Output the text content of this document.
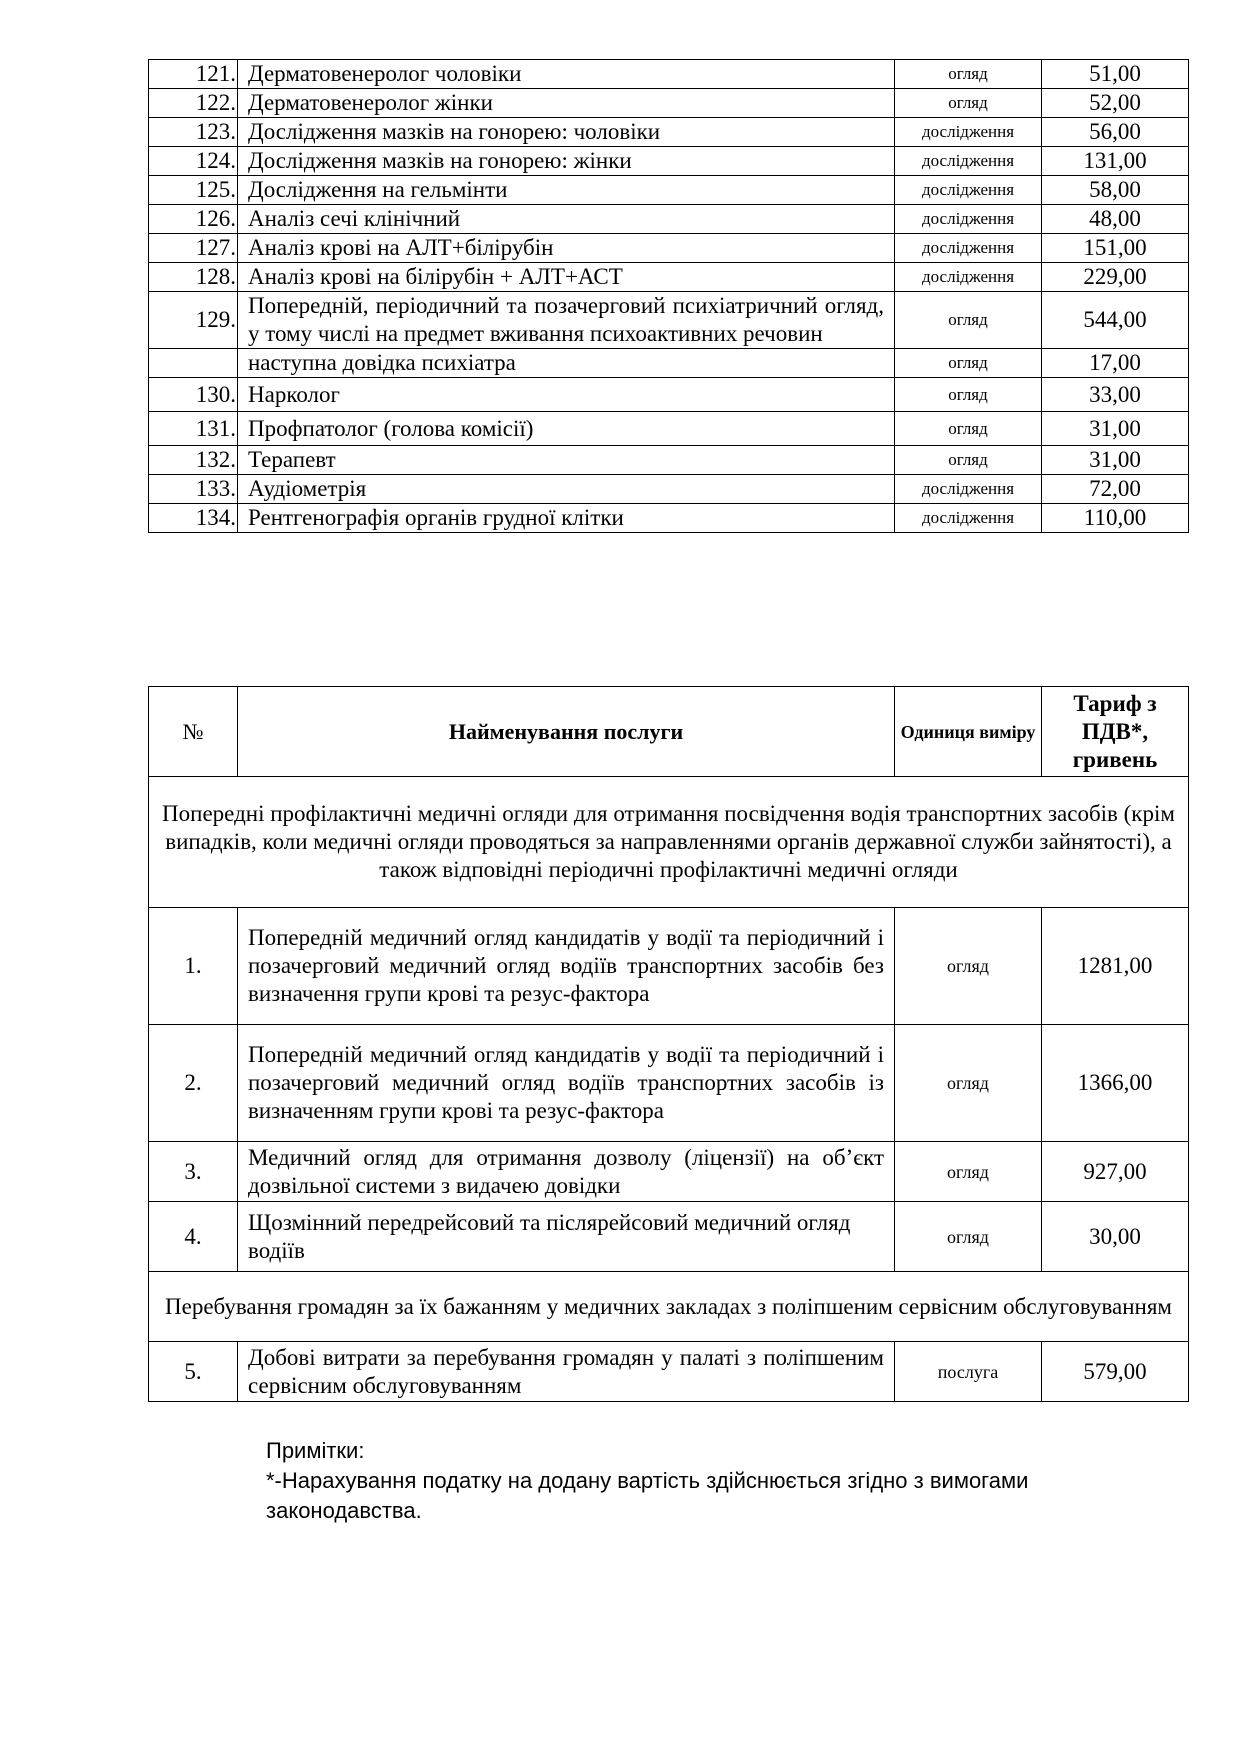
121.	Дерматовенеролог чоловіки	огляд	51,00
122.	Дерматовенеролог жінки	огляд	52,00
123.	Дослідження мазків на гонорею: чоловіки	дослідження	56,00
124.	Дослідження мазків на гонорею: жінки	дослідження	131,00
125.	Дослідження на гельмінти	дослідження	58,00
126.	Аналіз сечі клінічний	дослідження	48,00
127.	Аналіз крові на АЛТ+білірубін	дослідження	151,00
128.	Аналіз крові на білірубін + АЛТ+АСТ	дослідження	229,00
129.	Попередній, періодичний та позачерговий психіатричний огляд, у тому числі на предмет вживання психоактивних речовин	огляд	544,00
	наступна довідка психіатра	огляд	17,00
130.	Нарколог	огляд	33,00
131.	Профпатолог (голова комісії)	огляд	31,00
132.	Терапевт	огляд	31,00
133.	Аудіометрія	дослідження	72,00
134.	Рентгенографія органів грудної клітки	дослідження	110,00
№	Найменування послуги	Одиниця виміру	Тариф з ПДВ*, гривень
Попередні профілактичні медичні огляди для отримання посвідчення водія транспортних засобів (крім випадків, коли медичні огляди проводяться за направленнями органів державної служби зайнятості), а також відповідні періодичні профілактичні медичні огляди			
1.	Попередній медичний огляд кандидатів у водії та періодичний і позачерговий медичний огляд водіїв транспортних засобів без визначення групи крові та резус-фактора	огляд	1281,00
2.	Попередній медичний огляд кандидатів у водії та періодичний і позачерговий медичний огляд водіїв транспортних засобів із визначенням групи крові та резус-фактора	огляд	1366,00
3.	Медичний огляд для отримання дозволу (ліцензії) на об’єкт дозвільної системи з видачею довідки	огляд	927,00
4.	Щозмінний передрейсовий та післярейсовий медичний огляд водіїв	огляд	30,00
Перебування громадян за їх бажанням у медичних закладах з поліпшеним сервісним обслуговуванням			
5.	Добові витрати за перебування громадян у палаті з поліпшеним сервісним обслуговуванням	послуга	579,00

Примітки:

*-Нарахування податку на додану вартість здійснюється згідно з вимогами законодавства.
